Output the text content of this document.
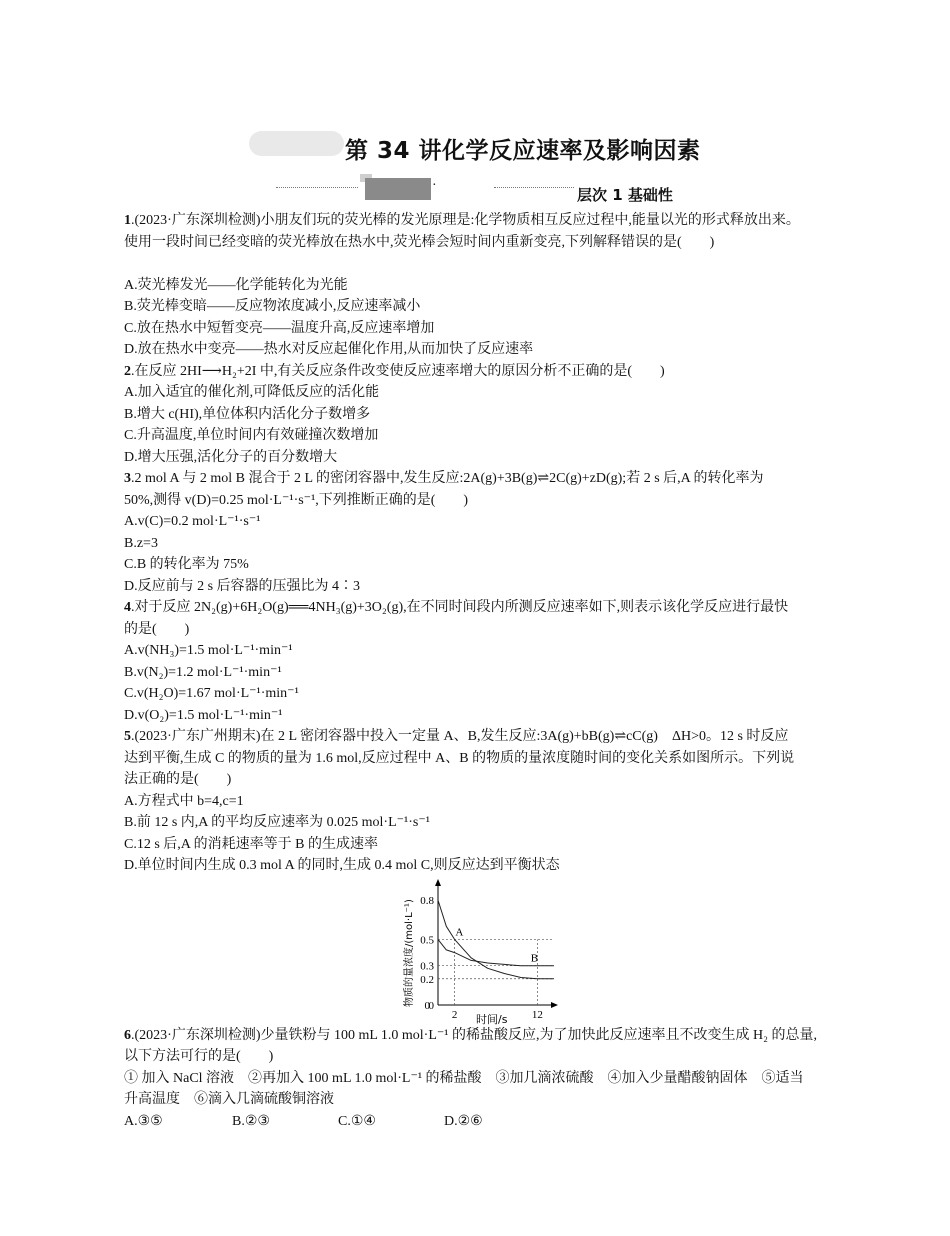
第 34 讲化学反应速率及影响因素
·
层次 1 基础性
1.(2023·广东深圳检测)小朋友们玩的荧光棒的发光原理是:化学物质相互反应过程中,能量以光的形式释放出来。
使用一段时间已经变暗的荧光棒放在热水中,荧光棒会短时间内重新变亮,下列解释错误的是(　　)
A.荧光棒发光——化学能转化为光能
B.荧光棒变暗——反应物浓度减小,反应速率减小
C.放在热水中短暂变亮——温度升高,反应速率增加
D.放在热水中变亮——热水对反应起催化作用,从而加快了反应速率
2.在反应 2HI⟶H₂+2I 中,有关反应条件改变使反应速率增大的原因分析不正确的是(　　)
A.加入适宜的催化剂,可降低反应的活化能
B.增大 c(HI),单位体积内活化分子数增多
C.升高温度,单位时间内有效碰撞次数增加
D.增大压强,活化分子的百分数增大
3.2 mol A 与 2 mol B 混合于 2 L 的密闭容器中,发生反应:2A(g)+3B(g)⇌2C(g)+zD(g);若 2 s 后,A 的转化率为
50%,测得 v(D)=0.25 mol·L⁻¹·s⁻¹,下列推断正确的是(　　)
A.v(C)=0.2 mol·L⁻¹·s⁻¹
B.z=3
C.B 的转化率为 75%
D.反应前与 2 s 后容器的压强比为 4∶3
4.对于反应 2N₂(g)+6H₂O(g)══4NH₃(g)+3O₂(g),在不同时间段内所测反应速率如下,则表示该化学反应进行最快
的是(　　)
A.v(NH₃)=1.5 mol·L⁻¹·min⁻¹
B.v(N₂)=1.2 mol·L⁻¹·min⁻¹
C.v(H₂O)=1.67 mol·L⁻¹·min⁻¹
D.v(O₂)=1.5 mol·L⁻¹·min⁻¹
5.(2023·广东广州期末)在 2 L 密闭容器中投入一定量 A、B,发生反应:3A(g)+bB(g)⇌cC(g)　ΔH>0。12 s 时反应
达到平衡,生成 C 的物质的量为 1.6 mol,反应过程中 A、B 的物质的量浓度随时间的变化关系如图所示。下列说
法正确的是(　　)
A.方程式中 b=4,c=1
B.前 12 s 内,A 的平均反应速率为 0.025 mol·L⁻¹·s⁻¹
C.12 s 后,A 的消耗速率等于 B 的生成速率
D.单位时间内生成 0.3 mol A 的同时,生成 0.4 mol C,则反应达到平衡状态
0
0.2
0.3
0.5
0.8
0
2	12
A
B
时间/s
物质的量浓度/(mol·L⁻¹)
6.(2023·广东深圳检测)少量铁粉与 100 mL 1.0 mol·L⁻¹ 的稀盐酸反应,为了加快此反应速率且不改变生成 H₂ 的总量,
以下方法可行的是(　　)
① 加入 NaCl 溶液　②再加入 100 mL 1.0 mol·L⁻¹ 的稀盐酸　③加几滴浓硫酸　④加入少量醋酸钠固体　⑤适当
升高温度　⑥滴入几滴硫酸铜溶液
A.③⑤	B.②③	C.①④	D.②⑥
